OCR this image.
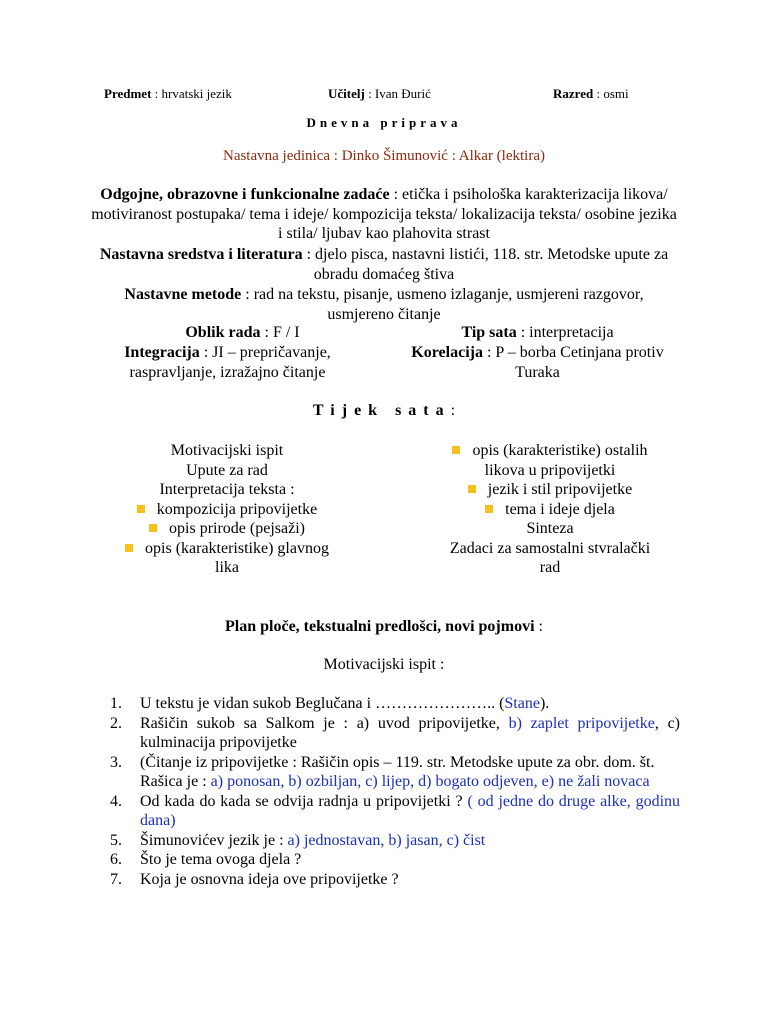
Predmet : hrvatski jezik	Učitelj : Ivan Đurić	Razred : osmi
Dnevna priprava
Nastavna jedinica : Dinko Šimunović : Alkar (lektira)
Odgojne, obrazovne i funkcionalne zadaće : etička i psihološka karakterizacija likova/ motiviranost postupaka/ tema i ideje/ kompozicija teksta/ lokalizacija teksta/ osobine jezika i stila/ ljubav kao plahovita strast
Nastavna sredstva i literatura : djelo pisca, nastavni listići, 118. str. Metodske upute za obradu domaćeg štiva
Nastavne metode : rad na tekstu, pisanje, usmeno izlaganje, usmjereni razgovor, usmjereno čitanje
Oblik rada : F / I	Tip sata : interpretacija
Integracija : JI – prepričavanje, raspravljanje, izražajno čitanje
Korelacija : P – borba Cetinjana protiv Turaka
Tijek sata:
Motivacijski ispit
Upute za rad
Interpretacija teksta :
kompozicija pripovijetke
opis prirode (pejsaži)
opis (karakteristike) glavnog
lika
opis (karakteristike) ostalih
likova u pripovijetki
jezik i stil pripovijetke
tema i ideje djela
Sinteza
Zadaci za samostalni stvralački
rad
Plan ploče, tekstualni predlošci, novi pojmovi :
Motivacijski ispit :
1. U tekstu je vidan sukob Beglučana i ………………….. (Stane).
2. Rašičin sukob sa Salkom je : a) uvod pripovijetke, b) zaplet pripovijetke, c) kulminacija pripovijetke
3. (Čitanje iz pripovijetke : Rašičin opis – 119. str. Metodske upute za obr. dom. št.
Rašica je : a) ponosan, b) ozbiljan, c) lijep, d) bogato odjeven, e) ne žali novaca
4. Od kada do kada se odvija radnja u pripovijetki ? ( od jedne do druge alke, godinu dana)
5. Šimunovićev jezik je : a) jednostavan, b) jasan, c) čist
6. Što je tema ovoga djela ?
7. Koja je osnovna ideja ove pripovijetke ?
